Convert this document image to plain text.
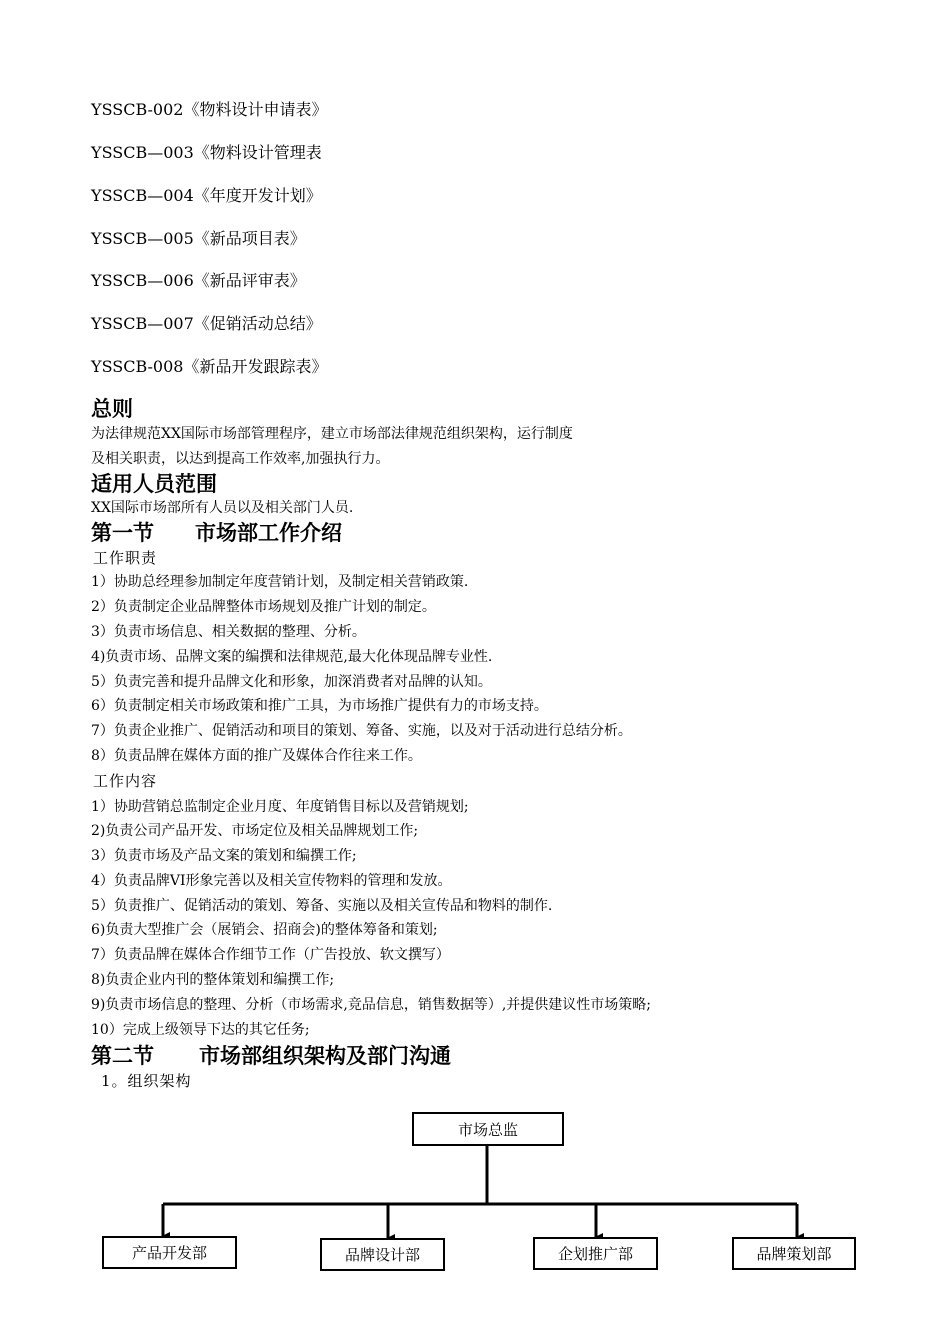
YSSCB-002《物料设计申请表》
YSSCB—003《物料设计管理表
YSSCB—004《年度开发计划》
YSSCB—005《新品项目表》
YSSCB—006《新品评审表》
YSSCB—007《促销活动总结》
YSSCB-008《新品开发跟踪表》
总则
为法律规范XX国际市场部管理程序，建立市场部法律规范组织架构，运行制度
及相关职责，以达到提高工作效率,加强执行力。
适用人员范围
XX国际市场部所有人员以及相关部门人员.
第一节 市场部工作介绍
工作职责
1）协助总经理参加制定年度营销计划，及制定相关营销政策.
2）负责制定企业品牌整体市场规划及推广计划的制定。
3）负责市场信息、相关数据的整理、分析。
4)负责市场、品牌文案的编撰和法律规范,最大化体现品牌专业性.
5）负责完善和提升品牌文化和形象，加深消费者对品牌的认知。
6）负责制定相关市场政策和推广工具，为市场推广提供有力的市场支持。
7）负责企业推广、促销活动和项目的策划、筹备、实施，以及对于活动进行总结分析。
8）负责品牌在媒体方面的推广及媒体合作往来工作。
工作内容
1）协助营销总监制定企业月度、年度销售目标以及营销规划;
2)负责公司产品开发、市场定位及相关品牌规划工作;
3）负责市场及产品文案的策划和编撰工作;
4）负责品牌VI形象完善以及相关宣传物料的管理和发放。
5）负责推广、促销活动的策划、筹备、实施以及相关宣传品和物料的制作.
6)负责大型推广会（展销会、招商会)的整体筹备和策划;
7）负责品牌在媒体合作细节工作（广告投放、软文撰写）
8)负责企业内刊的整体策划和编撰工作;
9)负责市场信息的整理、分析（市场需求,竞品信息，销售数据等）,并提供建议性市场策略;
10）完成上级领导下达的其它任务;
第二节 市场部组织架构及部门沟通
1。组织架构
市场总监
产品开发部	品牌设计部	企划推广部	品牌策划部
